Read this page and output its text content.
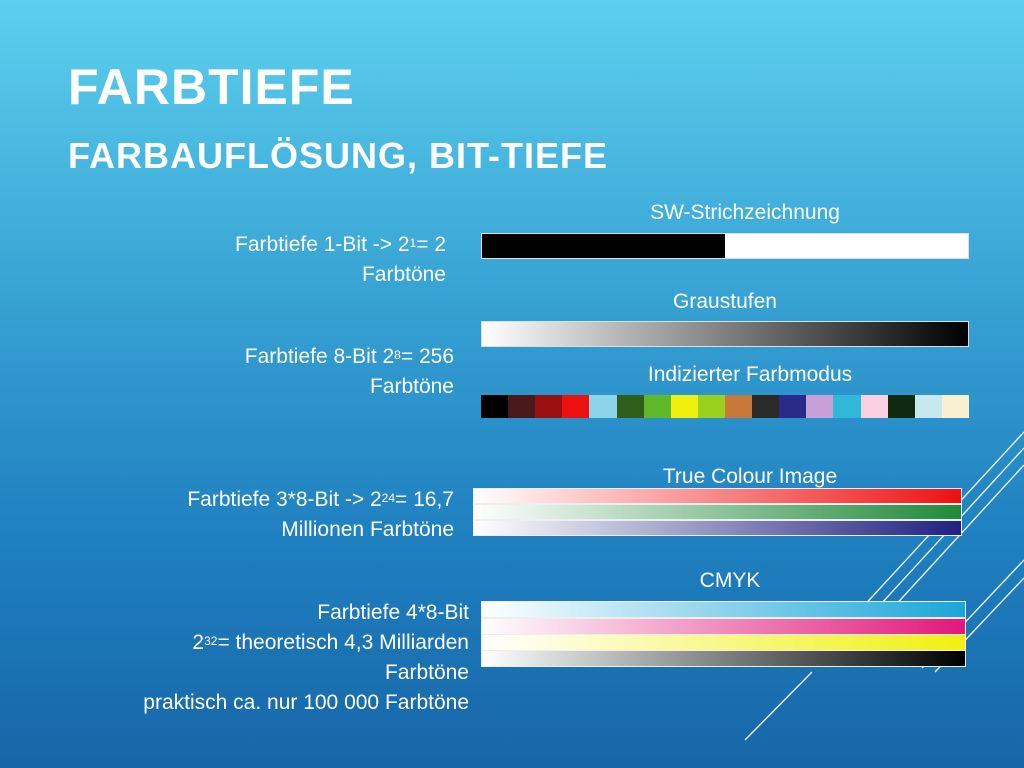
FARBTIEFE
FARBAUFLÖSUNG, BIT-TIEFE
Farbtiefe $1-Bit -> 2^1= 2$
Farbtöne
SW-Strichzeichnung
Farbtiefe 8-Bit $2^8= 256$
Farbtöne
Graustufen
Indizierter Farbmodus
Farbtiefe $3*8-Bit -> 2^{24}= 16,7$
Millionen Farbtöne
True Colour Image
Farbtiefe 4*8-Bit
$2^{32}=$ theoretisch 4,3 Milliarden
Farbtöne
praktisch ca. nur 100 000 Farbtöne
CMYK
